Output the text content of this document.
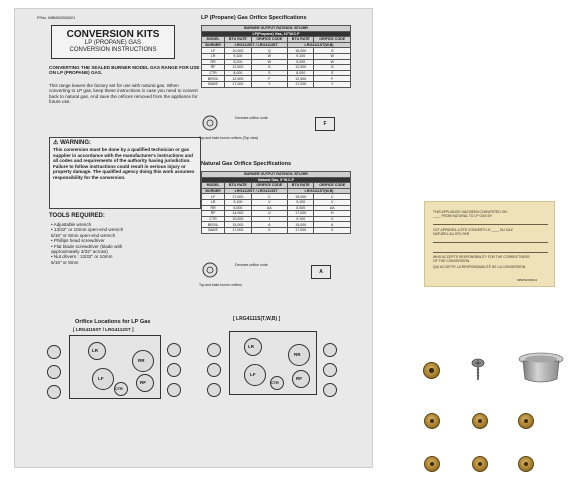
P/No. MBM62008021
CONVERSION KITS
LP (PROPANE) GAS
CONVERSION INSTRUCTIONS
CONVERTING THE SEALED BURNER MODEL GAS RANGE FOR USE ON LP (PROPANE) GAS.
This range leaves the factory set for use with natural gas. When converting to LP gas, keep these instructions in case you need to convert back to natural gas. And save the orifices removed from the appliance for future use.
⚠ WARNING:
This conversion must be done by a qualified technician or gas supplier in accordance with the manufacturer's instructions and all codes and requirements of the authority having jurisdiction. Failure to follow instructions could result in serious injury or property damage. The qualified agency doing this work assumes responsibility for the conversion.
TOOLS REQUIRED:
• Adjustable wrench
• 13/32" or 10mm open-end wrench
5/16" or 8mm open-end wrench
• Phillips head screwdriver
• Flat blade screwdriver (blade with
approximately 3/32" across)
• Nut drivers : 13/32" or 10mm
5/16" or 8mm
LP (Propane) Gas Orifice Specifications
BURNER OUTPUT RATINGS: BTU/HR				
LP(Propane) Gas, 10"W.C.P				
MODEL	BTU RATE	ORIFICE CODE	BTU RATE	ORIFICE CODE
BURNER	LRG4115ST / LRG4113ST		LRG4111ST(W,B)	
LF	10,000	Q	15,000	G
LR	9,100	W	9,100	W
RR	5,000	W	5,000	W
RF	12,500	G	12,500	G
CTR	8,000	S	8,000	S
BROIL	12,500	F	12,500	F
BAKE	17,000	Y	17,000	Y
Denotes orifice code
F
Top and bake burner orifices (Top view)
Natural Gas Orifice Specifications
BURNER OUTPUT RATINGS: BTU/HR				
Natural Gas, 5"W.C.P				
MODEL	BTU RATE	ORIFICE CODE	BTU RATE	ORIFICE CODE
BURNER	LRG4115ST / LRG4113ST		LRG4111ST(W,B)	
LF	17,000	C	15,000	C
LR	9,100	V	9,100	V
RR	5,000	AA	5,000	AA
RF	14,000	U	17,000	H
CTR	10,000	T	9,100	V
BROIL	15,000	A	15,000	A
BAKE	17,000	X	17,000	X
Denotes orifice code
A
Top and bake burner orifices
Orifice Locations for LP Gas
[ LRG4115ST / LRG4113ST ]
[ LRG4111S(T,W,B) ]
LR
RR
LF
RF
CTR
LR
RR
LF
RF
CTR
THIS APPLIANCE HAS BEEN CONVERTED ON ____ FROM NATURAL TO LP GAS BY
CET APPAREIL A ÉTÉ CONVERTI LE ____ DU GAZ NATUREL AU GPL PAR
WHO ACCEPTS RESPONSIBILITY FOR THE CORRECTNESS OF THE CONVERSION.
QUI ACCEPTE LA RESPONSABILITÉ DE LA CONVERSION.
MBM62008021
